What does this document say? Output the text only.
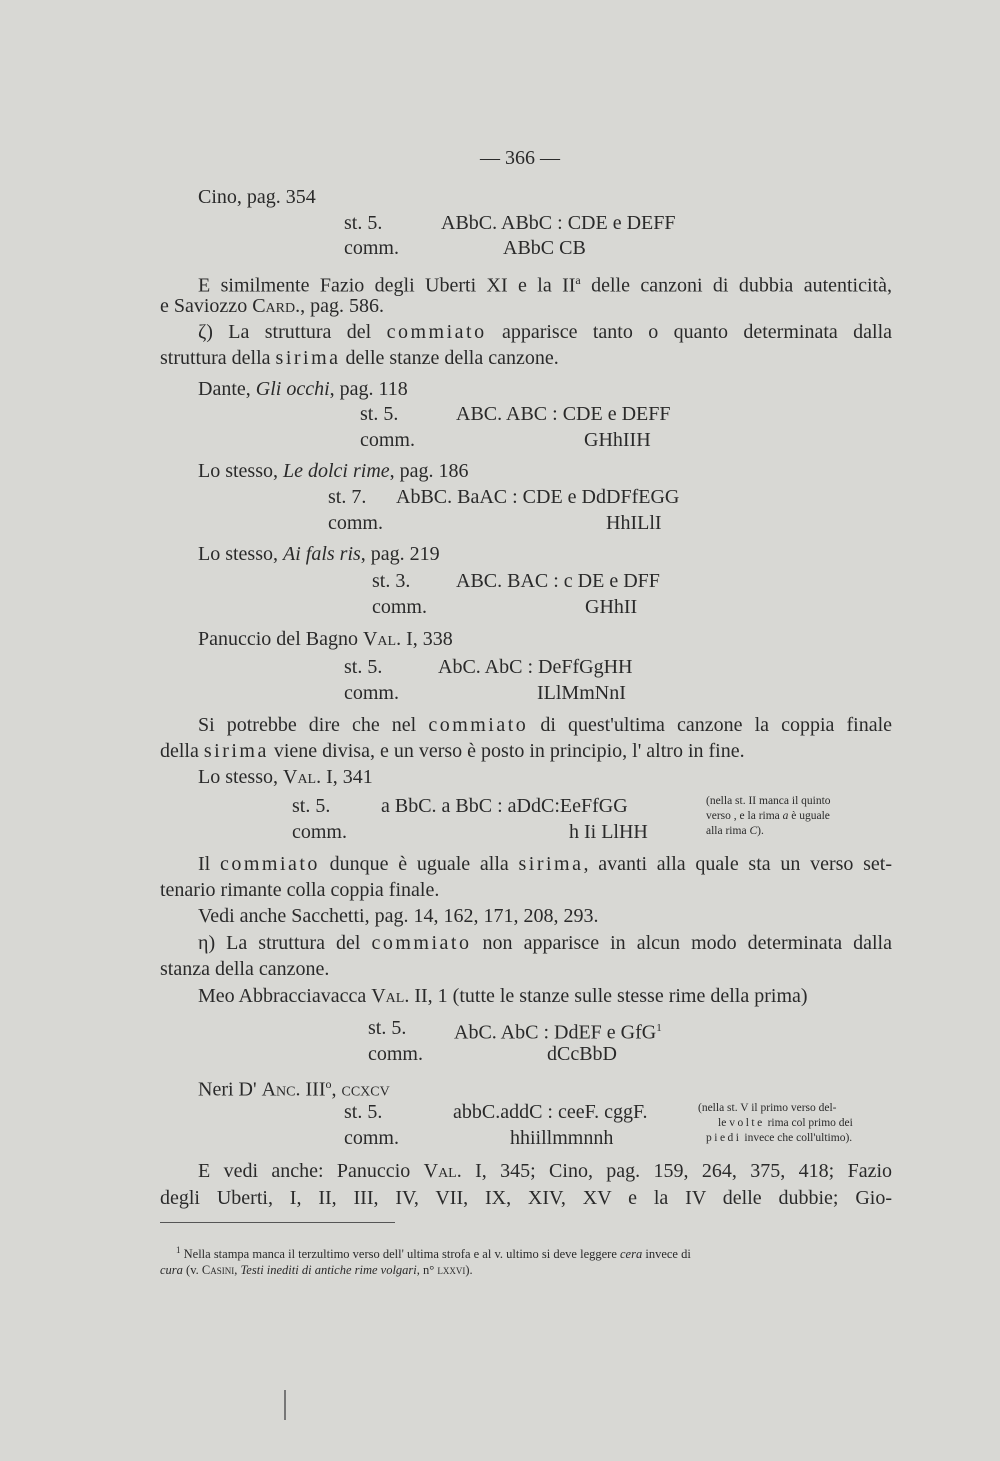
— 366 —
Cino, pag. 354
st. 5.	ABbC. ABbC : CDE e DEFF
comm.	ABbC CB
E similmente Fazio degli Uberti XI e la $II^a$ delle canzoni di dubbia autenticità,
e Saviozzo Card., pag. 586.
ζ) La struttura del commiato apparisce tanto o quanto determinata dalla
struttura della sirima delle stanze della canzone.
Dante, Gli occhi, pag. 118
st. 5.	ABC. ABC : CDE e DEFF
comm.	GHhIIH
Lo stesso, Le dolci rime, pag. 186
st. 7. AbBC. BaAC : CDE e DdDFfEGG
comm.	HhILlI
Lo stesso, Ai fals ris, pag. 219
st. 3. ABC. BAC : c DE e DFF
comm.	GHhII
Panuccio del Bagno Val. I, 338
st. 5.	AbC. AbC : DeFfGgHH
comm.	ILlMmNnI
Si potrebbe dire che nel commiato di quest'ultima canzone la coppia finale
della sirima viene divisa, e un verso è posto in principio, l' altro in fine.
Lo stesso, Val. I, 341
st. 5.	a BbC. a BbC : aDdC:EeFfGG
comm.	h Ii LlHH
(nella st. II manca il quinto
verso , e la rima a è uguale
alla rima C).
Il commiato dunque è uguale alla sirima, avanti alla quale sta un verso set-
tenario rimante colla coppia finale.
Vedi anche Sacchetti, pag. 14, 162, 171, 208, 293.
η) La struttura del commiato non apparisce in alcun modo determinata dalla
stanza della canzone.
Meo Abbracciavacca Val. II, 1 (tutte le stanze sulle stesse rime della prima)
st. 5. AbC. AbC : DdEF e GfG$^1$
comm.	dCcBbD
Neri D' Anc. III$^o$, ccxcv
st. 5.	abbC.addC : ceeF. cggF.
comm.	hhiillmmnnh
(nella st. V il primo verso del-
le volte rima col primo dei
piedi invece che coll'ultimo).
E vedi anche: Panuccio Val. I, 345; Cino, pag. 159, 264, 375, 418; Fazio
degli Uberti, I, II, III, IV, VII, IX, XIV, XV e la IV delle dubbie; Gio-
$^1$ Nella stampa manca il terzultimo verso dell' ultima strofa e al v. ultimo si deve leggere cera invece di
cura (v. Casini, Testi inediti di antiche rime volgari, n° lxxvi).
